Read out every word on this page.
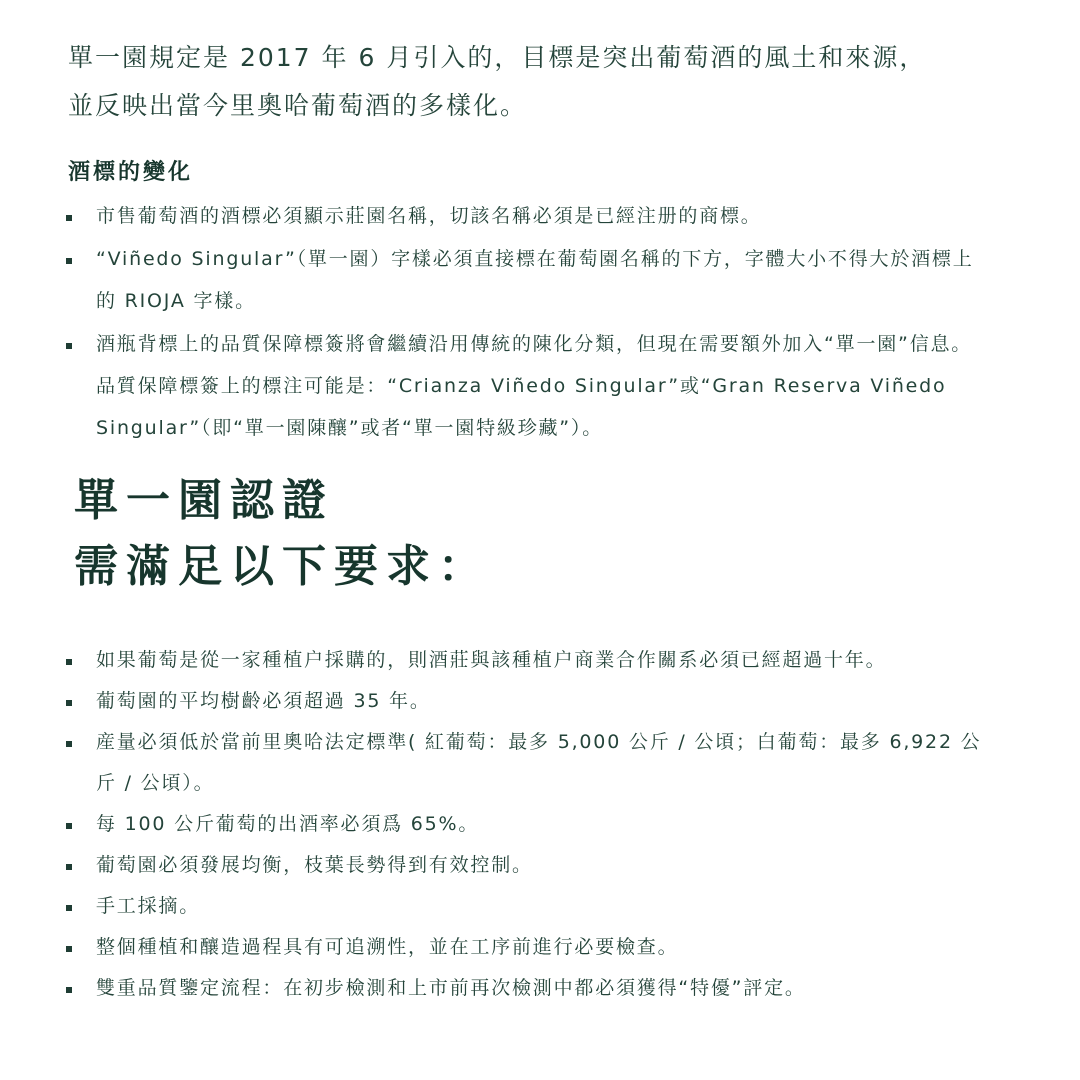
單一園規定是 2017 年 6 月引入的，目標是突出葡萄酒的風土和來源，
並反映出當今里奧哈葡萄酒的多樣化。
酒標的變化
市售葡萄酒的酒標必須顯示莊園名稱，切該名稱必須是已經注册的商標。
“Viñedo Singular”（單一園）字樣必須直接標在葡萄園名稱的下方，字體大小不得大於酒標上的 RIOJA 字樣。
酒瓶背標上的品質保障標簽將會繼續沿用傳統的陳化分類，但現在需要額外加入“單一園”信息。品質保障標簽上的標注可能是：“Crianza Viñedo Singular”或“Gran Reserva Viñedo Singular”（即“單一園陳釀”或者“單一園特級珍藏”）。
單一園認證
需滿足以下要求：
如果葡萄是從一家種植户採購的，則酒莊與該種植户商業合作關系必須已經超過十年。
葡萄園的平均樹齡必須超過 35 年。
産量必須低於當前里奧哈法定標準( 紅葡萄：最多 5,000 公斤 / 公頃；白葡萄：最多 6,922 公斤 / 公頃）。
每 100 公斤葡萄的出酒率必須爲 65%。
葡萄園必須發展均衡，枝葉長勢得到有效控制。
手工採摘。
整個種植和釀造過程具有可追溯性，並在工序前進行必要檢查。
雙重品質鑒定流程：在初步檢測和上市前再次檢測中都必須獲得“特優”評定。
